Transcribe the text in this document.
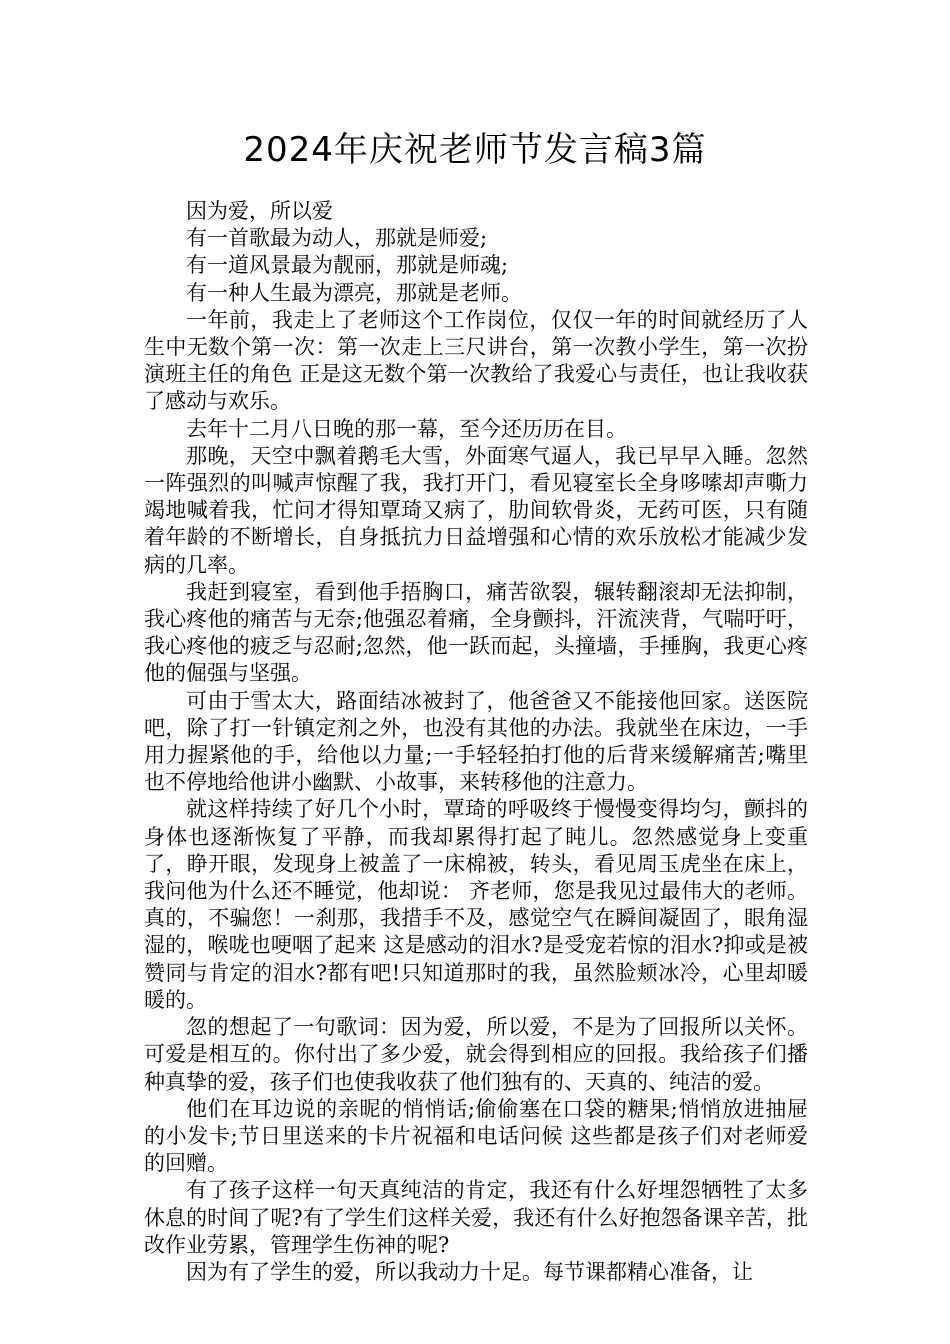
2024年庆祝老师节发言稿3篇

因为爱，所以爱

有一首歌最为动人，那就是师爱;

有一道风景最为靓丽，那就是师魂;

有一种人生最为漂亮，那就是老师。

一年前，我走上了老师这个工作岗位，仅仅一年的时间就经历了人生中无数个第一次：第一次走上三尺讲台，第一次教小学生，第一次扮演班主任的角色 正是这无数个第一次教给了我爱心与责任，也让我收获了感动与欢乐。

去年十二月八日晚的那一幕，至今还历历在目。

那晚，天空中飘着鹅毛大雪，外面寒气逼人，我已早早入睡。忽然一阵强烈的叫喊声惊醒了我，我打开门，看见寝室长全身哆嗦却声嘶力竭地喊着我，忙问才得知覃琦又病了，肋间软骨炎，无药可医，只有随着年龄的不断增长，自身抵抗力日益增强和心情的欢乐放松才能减少发病的几率。

我赶到寝室，看到他手捂胸口，痛苦欲裂，辗转翻滚却无法抑制，我心疼他的痛苦与无奈;他强忍着痛，全身颤抖，汗流浃背，气喘吁吁，我心疼他的疲乏与忍耐;忽然，他一跃而起，头撞墙，手捶胸，我更心疼他的倔强与坚强。

可由于雪太大，路面结冰被封了，他爸爸又不能接他回家。送医院吧，除了打一针镇定剂之外，也没有其他的办法。我就坐在床边，一手用力握紧他的手，给他以力量;一手轻轻拍打他的后背来缓解痛苦;嘴里也不停地给他讲小幽默、小故事，来转移他的注意力。

就这样持续了好几个小时，覃琦的呼吸终于慢慢变得均匀，颤抖的身体也逐渐恢复了平静，而我却累得打起了盹儿。忽然感觉身上变重了，睁开眼，发现身上被盖了一床棉被，转头，看见周玉虎坐在床上，我问他为什么还不睡觉，他却说： 齐老师，您是我见过最伟大的老师。真的，不骗您！一刹那，我措手不及，感觉空气在瞬间凝固了，眼角湿湿的，喉咙也哽咽了起来 这是感动的泪水?是受宠若惊的泪水?抑或是被赞同与肯定的泪水?都有吧!只知道那时的我，虽然脸颊冰冷，心里却暖暖的。

忽的想起了一句歌词：因为爱，所以爱，不是为了回报所以关怀。可爱是相互的。你付出了多少爱，就会得到相应的回报。我给孩子们播种真挚的爱，孩子们也使我收获了他们独有的、天真的、纯洁的爱。

他们在耳边说的亲昵的悄悄话;偷偷塞在口袋的糖果;悄悄放进抽屉的小发卡;节日里送来的卡片祝福和电话问候 这些都是孩子们对老师爱的回赠。

有了孩子这样一句天真纯洁的肯定，我还有什么好埋怨牺牲了太多休息的时间了呢?有了学生们这样关爱，我还有什么好抱怨备课辛苦，批改作业劳累，管理学生伤神的呢?

因为有了学生的爱，所以我动力十足。每节课都精心准备，让
